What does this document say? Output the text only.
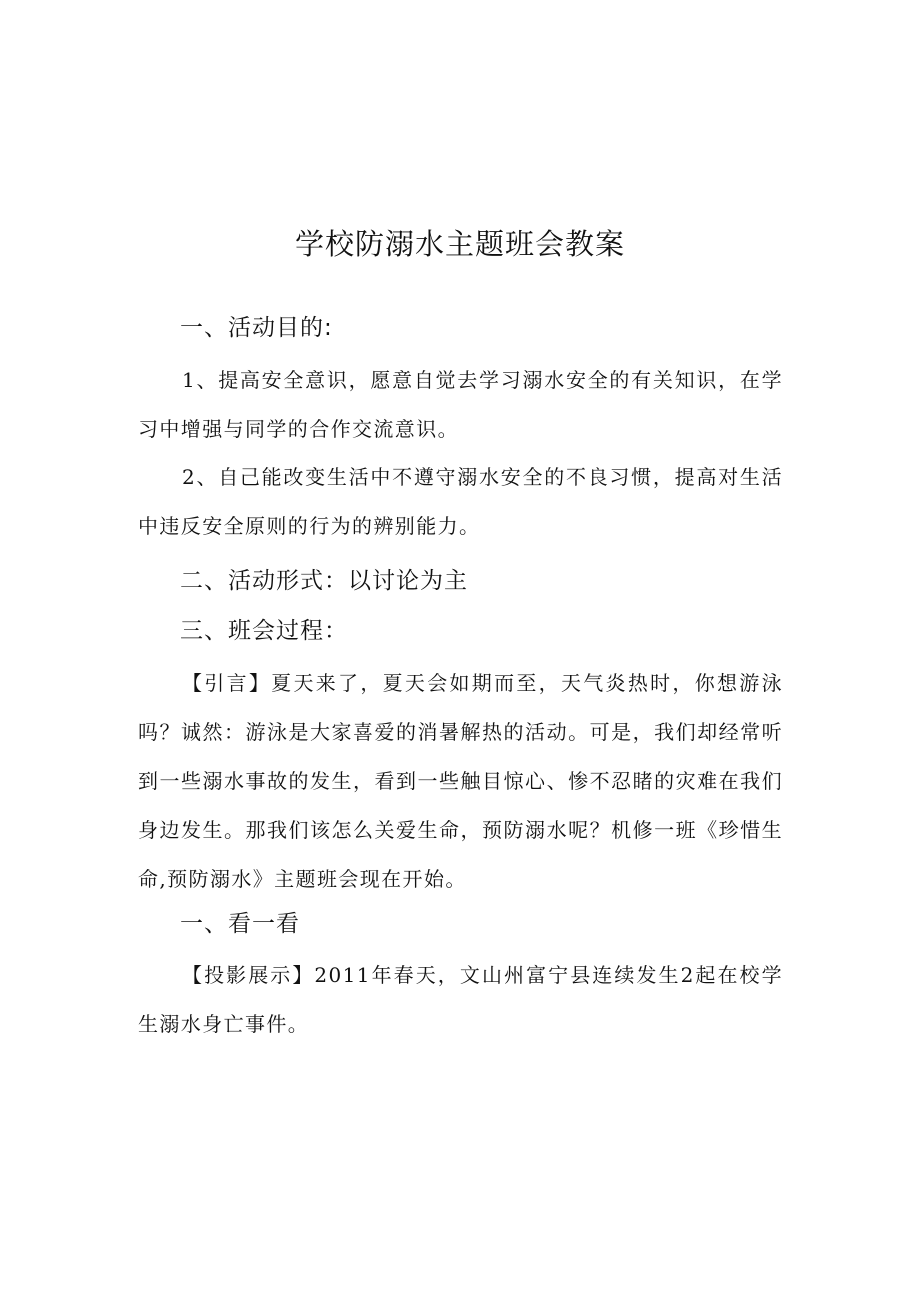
学校防溺水主题班会教案
一、活动目的:
1、提高安全意识，愿意自觉去学习溺水安全的有关知识，在学习中增强与同学的合作交流意识。
2、自己能改变生活中不遵守溺水安全的不良习惯，提高对生活中违反安全原则的行为的辨别能力。
二、活动形式：以讨论为主
三、班会过程：
【引言】夏天来了，夏天会如期而至，天气炎热时，你想游泳吗？诚然：游泳是大家喜爱的消暑解热的活动。可是，我们却经常听到一些溺水事故的发生，看到一些触目惊心、惨不忍睹的灾难在我们身边发生。那我们该怎么关爱生命，预防溺水呢？机修一班《珍惜生命,预防溺水》主题班会现在开始。
一、看一看
【投影展示】2011年春天，文山州富宁县连续发生2起在校学生溺水身亡事件。
